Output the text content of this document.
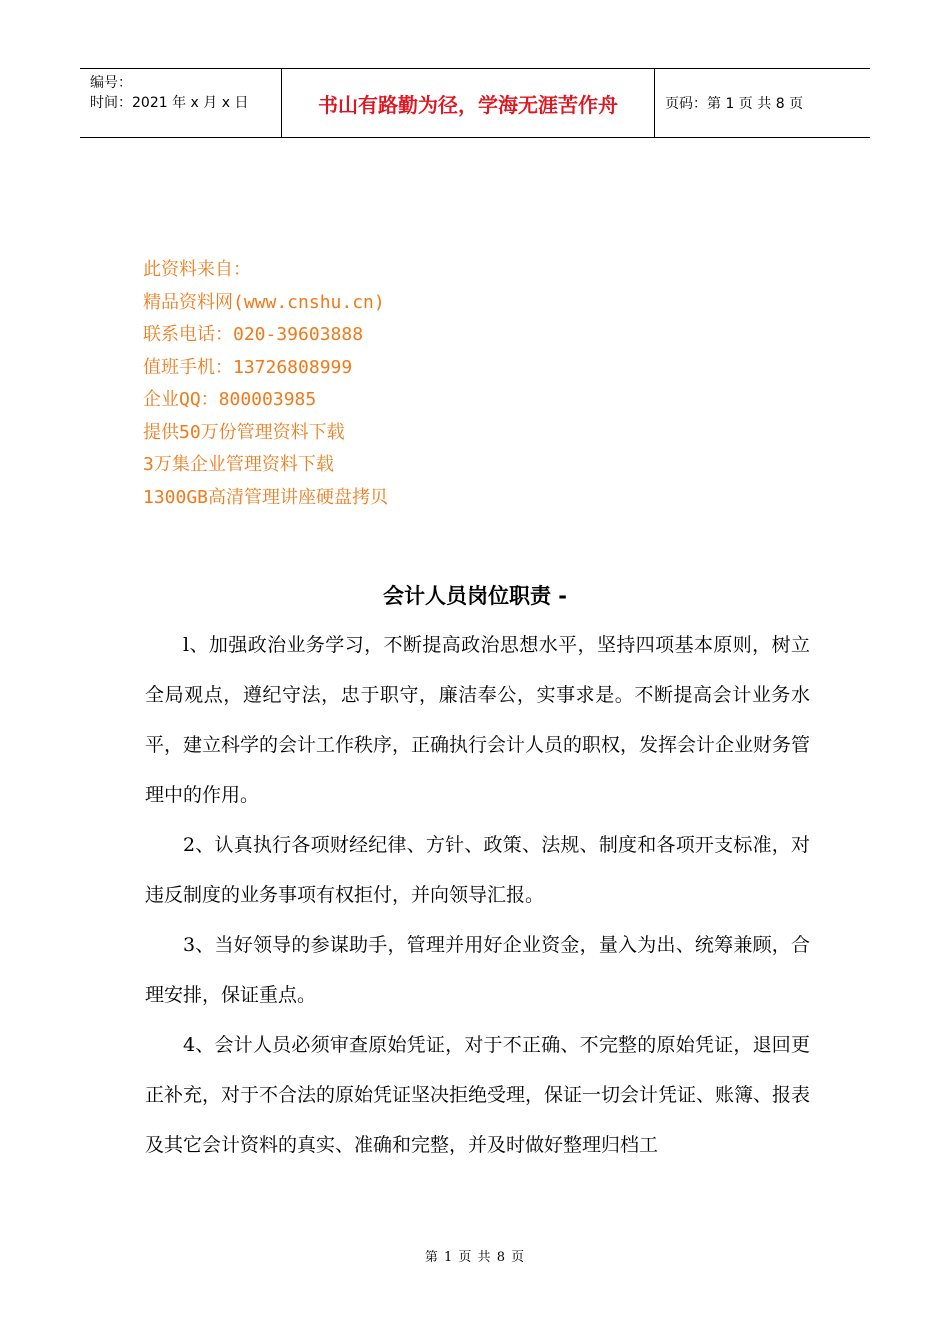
编号：
时间：2021 年 x 月 x 日	书山有路勤为径，学海无涯苦作舟	页码：第 1 页 共 8 页
此资料来自：
精品资料网(www.cnshu.cn)
联系电话：020-39603888
值班手机：13726808999
企业QQ：800003985
提供50万份管理资料下载
3万集企业管理资料下载
1300GB高清管理讲座硬盘拷贝
会计人员岗位职责 -

l、加强政治业务学习，不断提高政治思想水平，坚持四项基本原则，树立全局观点，遵纪守法，忠于职守，廉洁奉公，实事求是。不断提高会计业务水平，建立科学的会计工作秩序，正确执行会计人员的职权，发挥会计企业财务管理中的作用。

2、认真执行各项财经纪律、方针、政策、法规、制度和各项开支标准，对违反制度的业务事项有权拒付，并向领导汇报。

3、当好领导的参谋助手，管理并用好企业资金，量入为出、统筹兼顾，合理安排，保证重点。

4、会计人员必须审查原始凭证，对于不正确、不完整的原始凭证，退回更正补充，对于不合法的原始凭证坚决拒绝受理，保证一切会计凭证、账簿、报表及其它会计资料的真实、准确和完整，并及时做好整理归档工

第 1 页 共 8 页
